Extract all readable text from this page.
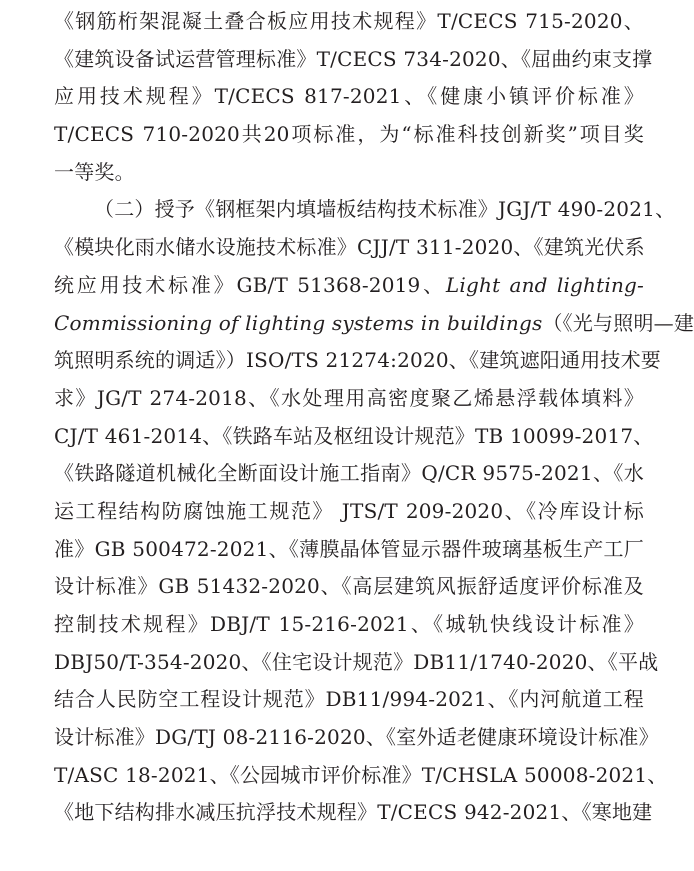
《钢筋桁架混凝土叠合板应用技术规程》T/CECS 715-2020、
《建筑设备试运营管理标准》T/CECS 734-2020、《屈曲约束支撑
应用技术规程》T/CECS 817-2021、《健康小镇评价标准》
T/CECS 710-2020共20项标准，为“标准科技创新奖”项目奖
一等奖。
（二）授予《钢框架内填墙板结构技术标准》JGJ/T 490-2021、
《模块化雨水储水设施技术标准》CJJ/T 311-2020、《建筑光伏系
统应用技术标准》GB/T 51368-2019、Light and lighting-
Commissioning of lighting systems in buildings（《光与照明—建
筑照明系统的调适》）ISO/TS 21274:2020、《建筑遮阳通用技术要
求》JG/T 274-2018、《水处理用高密度聚乙烯悬浮载体填料》
CJ/T 461-2014、《铁路车站及枢纽设计规范》TB 10099-2017、
《铁路隧道机械化全断面设计施工指南》Q/CR 9575-2021、《水
运工程结构防腐蚀施工规范》 JTS/T 209-2020、《冷库设计标
准》GB 500472-2021、《薄膜晶体管显示器件玻璃基板生产工厂
设计标准》GB 51432-2020、《高层建筑风振舒适度评价标准及
控制技术规程》DBJ/T 15-216-2021、《城轨快线设计标准》
DBJ50/T-354-2020、《住宅设计规范》DB11/1740-2020、《平战
结合人民防空工程设计规范》DB11/994-2021、《内河航道工程
设计标准》DG/TJ 08-2116-2020、《室外适老健康环境设计标准》
T/ASC 18-2021、《公园城市评价标准》T/CHSLA 50008-2021、
《地下结构排水减压抗浮技术规程》T/CECS 942-2021、《寒地建
